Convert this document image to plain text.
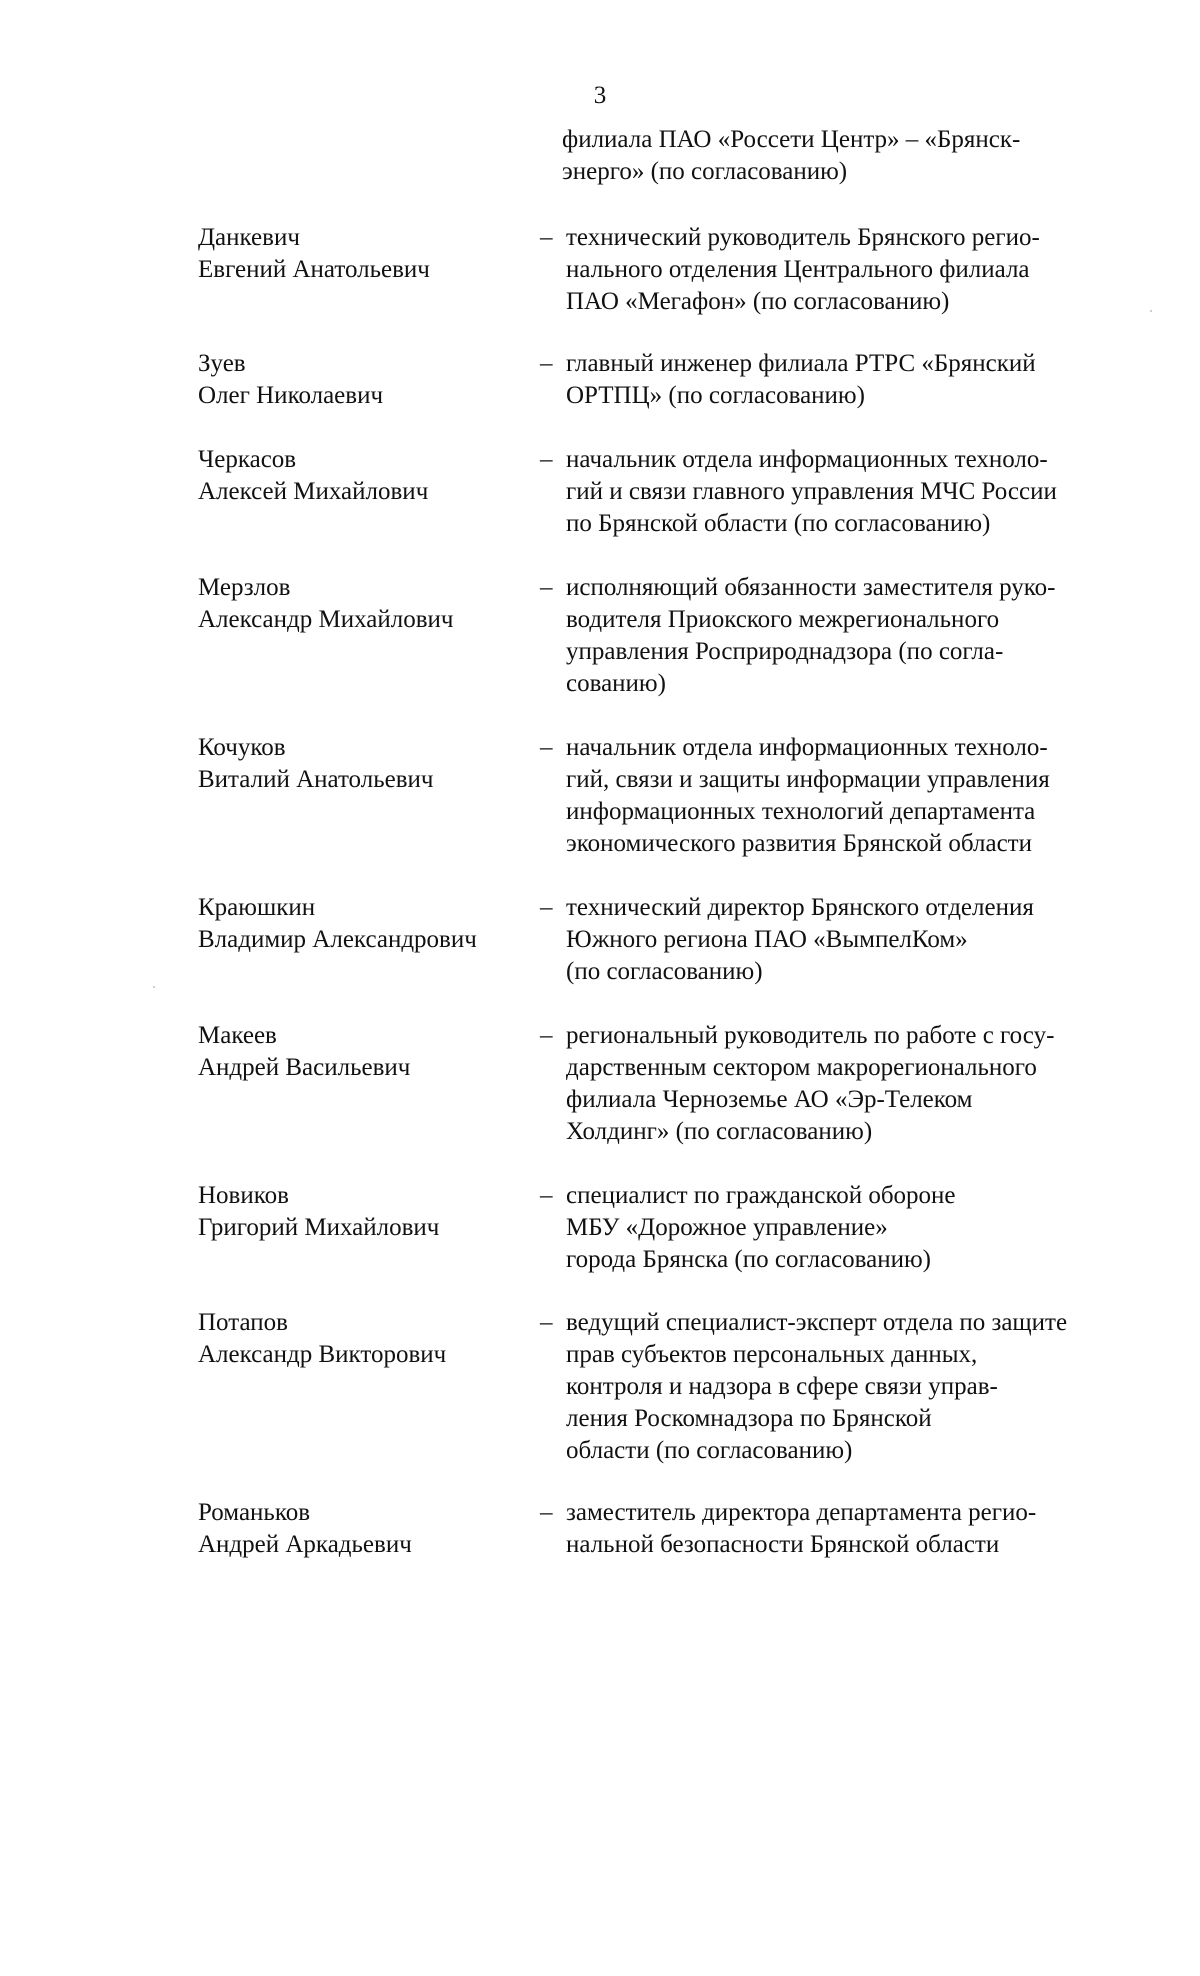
3
филиала ПАО «Россети Центр» – «Брянск-
энерго» (по согласованию)
Данкевич
Евгений Анатольевич
– технический руководитель Брянского регио-
нального отделения Центрального филиала
ПАО «Мегафон» (по согласованию)
Зуев
Олег Николаевич
– главный инженер филиала РТРС «Брянский
ОРТПЦ» (по согласованию)
Черкасов
Алексей Михайлович
– начальник отдела информационных техноло-
гий и связи главного управления МЧС России
по Брянской области (по согласованию)
Мерзлов
Александр Михайлович
– исполняющий обязанности заместителя руко-
водителя Приокского межрегионального
управления Росприроднадзора (по согла-
сованию)
Кочуков
Виталий Анатольевич
– начальник отдела информационных техноло-
гий, связи и защиты информации управления
информационных технологий департамента
экономического развития Брянской области
Краюшкин
Владимир Александрович
– технический директор Брянского отделения
Южного региона ПАО «ВымпелКом»
(по согласованию)
Макеев
Андрей Васильевич
– региональный руководитель по работе с госу-
дарственным сектором макрорегионального
филиала Черноземье АО «Эр-Телеком
Холдинг» (по согласованию)
Новиков
Григорий Михайлович
– специалист по гражданской обороне
МБУ «Дорожное управление»
города Брянска (по согласованию)
Потапов
Александр Викторович
– ведущий специалист-эксперт отдела по защите
прав субъектов персональных данных,
контроля и надзора в сфере связи управ-
ления Роскомнадзора по Брянской
области (по согласованию)
Романьков
Андрей Аркадьевич
– заместитель директора департамента регио-
нальной безопасности Брянской области
